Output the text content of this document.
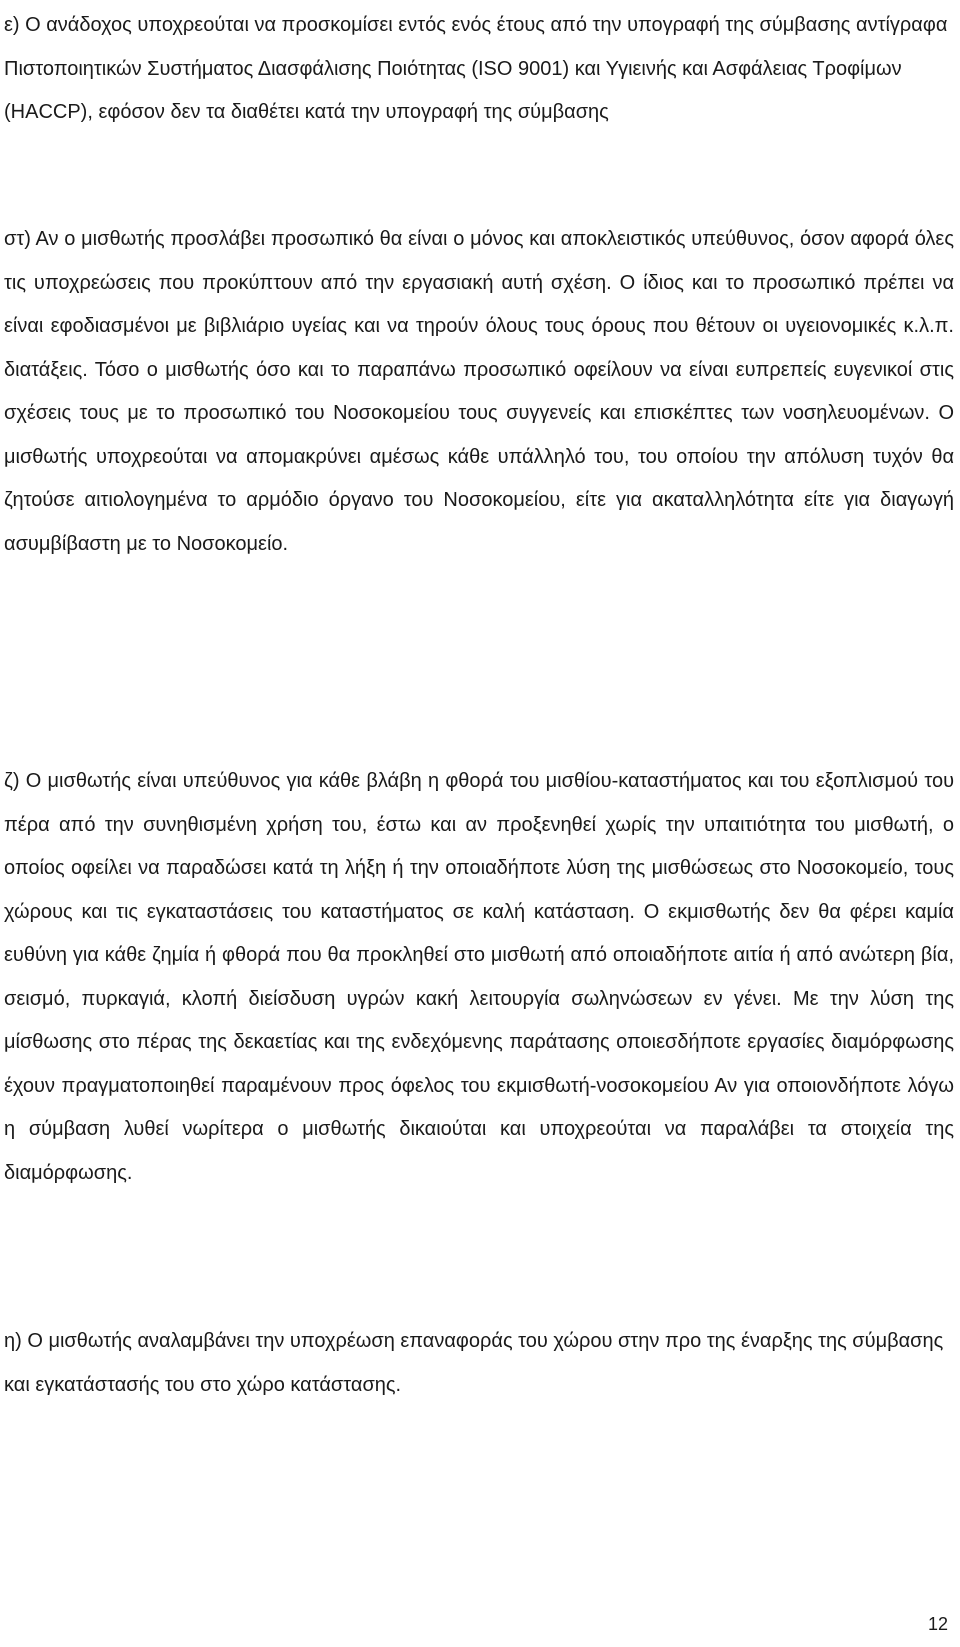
ε) Ο ανάδοχος υποχρεούται να προσκομίσει εντός ενός έτους από την υπογραφή της σύμβασης αντίγραφα Πιστοποιητικών Συστήματος Διασφάλισης Ποιότητας (ISO 9001) και Υγιεινής και Ασφάλειας Τροφίμων (HACCP), εφόσον δεν τα διαθέτει κατά την υπογραφή της σύμβασης

στ) Αν ο μισθωτής προσλάβει προσωπικό θα είναι ο μόνος και αποκλειστικός υπεύθυνος, όσον αφορά όλες τις υποχρεώσεις που προκύπτουν από την εργασιακή αυτή σχέση. Ο ίδιος και το προσωπικό πρέπει να είναι εφοδιασμένοι με βιβλιάριο υγείας και να τηρούν όλους τους όρους που θέτουν οι υγειονομικές κ.λ.π. διατάξεις. Τόσο ο μισθωτής όσο και το παραπάνω προσωπικό οφείλουν να είναι ευπρεπείς ευγενικοί στις σχέσεις τους με το προσωπικό του Νοσοκομείου τους συγγενείς και επισκέπτες των νοσηλευομένων. Ο μισθωτής υποχρεούται να απομακρύνει αμέσως κάθε υπάλληλό του, του οποίου την απόλυση τυχόν θα ζητούσε αιτιολογημένα το αρμόδιο όργανο του Νοσοκομείου, είτε για ακαταλληλότητα είτε για διαγωγή ασυμβίβαστη με το Νοσοκομείο.

ζ) Ο μισθωτής είναι υπεύθυνος για κάθε βλάβη η φθορά του μισθίου-καταστήματος και του εξοπλισμού του πέρα από την συνηθισμένη χρήση του, έστω και αν προξενηθεί χωρίς την υπαιτιότητα του μισθωτή, ο οποίος οφείλει να παραδώσει κατά τη λήξη ή την οποιαδήποτε λύση της μισθώσεως στο Νοσοκομείο, τους χώρους και τις εγκαταστάσεις του καταστήματος σε καλή κατάσταση. Ο εκμισθωτής δεν θα φέρει καμία ευθύνη για κάθε ζημία ή φθορά που θα προκληθεί στο μισθωτή από οποιαδήποτε αιτία ή από ανώτερη βία, σεισμό, πυρκαγιά, κλοπή διείσδυση υγρών κακή λειτουργία σωληνώσεων εν γένει. Με την λύση της μίσθωσης στο πέρας της δεκαετίας και της ενδεχόμενης παράτασης οποιεσδήποτε εργασίες διαμόρφωσης έχουν πραγματοποιηθεί παραμένουν προς όφελος του εκμισθωτή-νοσοκομείου Αν για οποιονδήποτε λόγω η σύμβαση λυθεί νωρίτερα ο μισθωτής δικαιούται και υποχρεούται να παραλάβει τα στοιχεία της διαμόρφωσης.

η) Ο μισθωτής αναλαμβάνει την υποχρέωση επαναφοράς του χώρου στην προ της έναρξης της σύμβασης και εγκατάστασής του στο χώρο κατάστασης.

12
